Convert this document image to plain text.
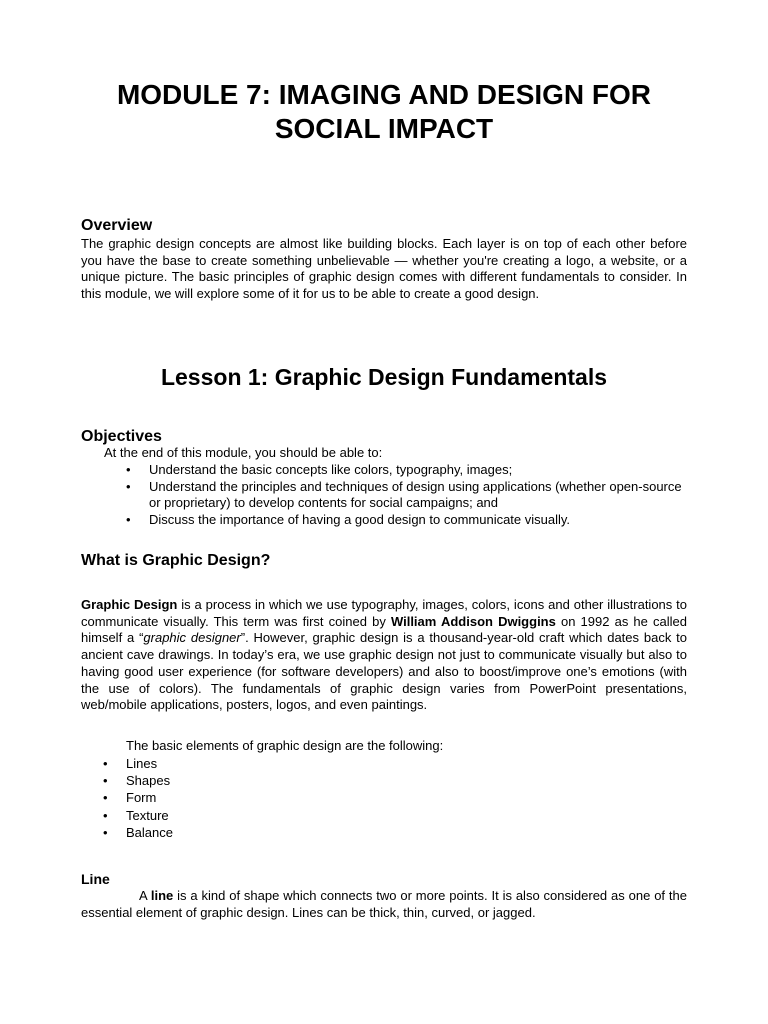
MODULE 7: IMAGING AND DESIGN FOR
SOCIAL IMPACT
Overview
The graphic design concepts are almost like building blocks. Each layer is on top of each other before you have the base to create something unbelievable — whether you're creating a logo, a website, or a unique picture. The basic principles of graphic design comes with different fundamentals to consider. In this module, we will explore some of it for us to be able to create a good design.
Lesson 1: Graphic Design Fundamentals
Objectives
At the end of this module, you should be able to:
• Understand the basic concepts like colors, typography, images;
• Understand the principles and techniques of design using applications (whether open-source or proprietary) to develop contents for social campaigns; and
• Discuss the importance of having a good design to communicate visually.
What is Graphic Design?
Graphic Design is a process in which we use typography, images, colors, icons and other illustrations to communicate visually. This term was first coined by William Addison Dwiggins on 1992 as he called himself a “graphic designer”. However, graphic design is a thousand-year-old craft which dates back to ancient cave drawings. In today’s era, we use graphic design not just to communicate visually but also to having good user experience (for software developers) and also to boost/improve one’s emotions (with the use of colors). The fundamentals of graphic design varies from PowerPoint presentations, web/mobile applications, posters, logos, and even paintings.
The basic elements of graphic design are the following:
• Lines
• Shapes
• Form
• Texture
• Balance
Line
A line is a kind of shape which connects two or more points. It is also considered as one of the essential element of graphic design. Lines can be thick, thin, curved, or jagged.
